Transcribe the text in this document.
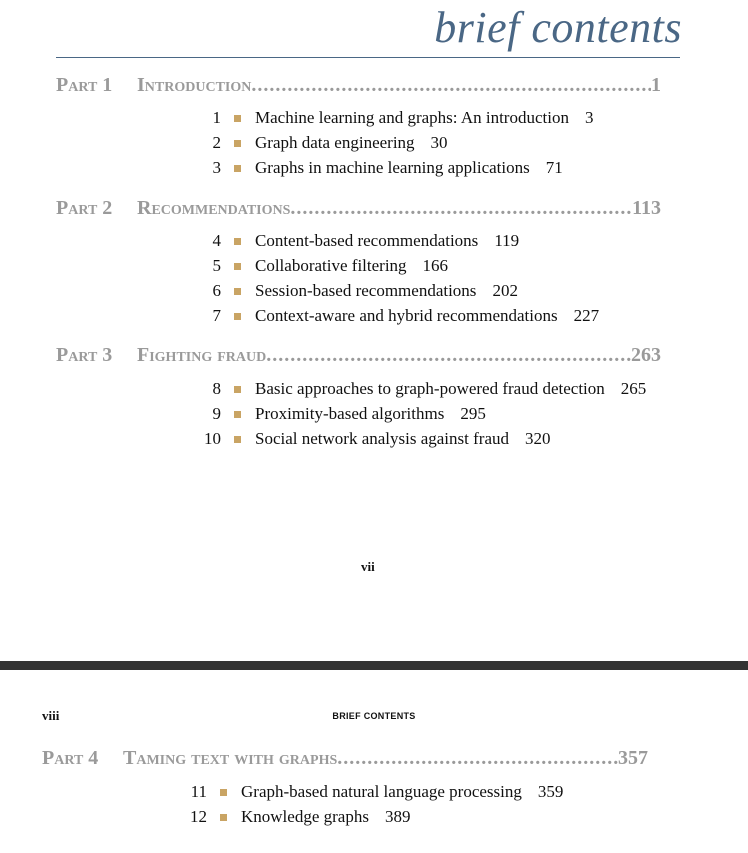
brief contents
Part 1	Introduction .....	1
1 Machine learning and graphs: An introduction 3
2 Graph data engineering 30
3 Graphs in machine learning applications 71
Part 2	Recommendations .....	113
4 Content-based recommendations 119
5 Collaborative filtering 166
6 Session-based recommendations 202
7 Context-aware and hybrid recommendations 227
Part 3	Fighting fraud .....	263
8 Basic approaches to graph-powered fraud detection 265
9 Proximity-based algorithms 295
10 Social network analysis against fraud 320
vii
viii	BRIEF CONTENTS
Part 4	Taming text with graphs .....	357
11 Graph-based natural language processing 359
12 Knowledge graphs 389
